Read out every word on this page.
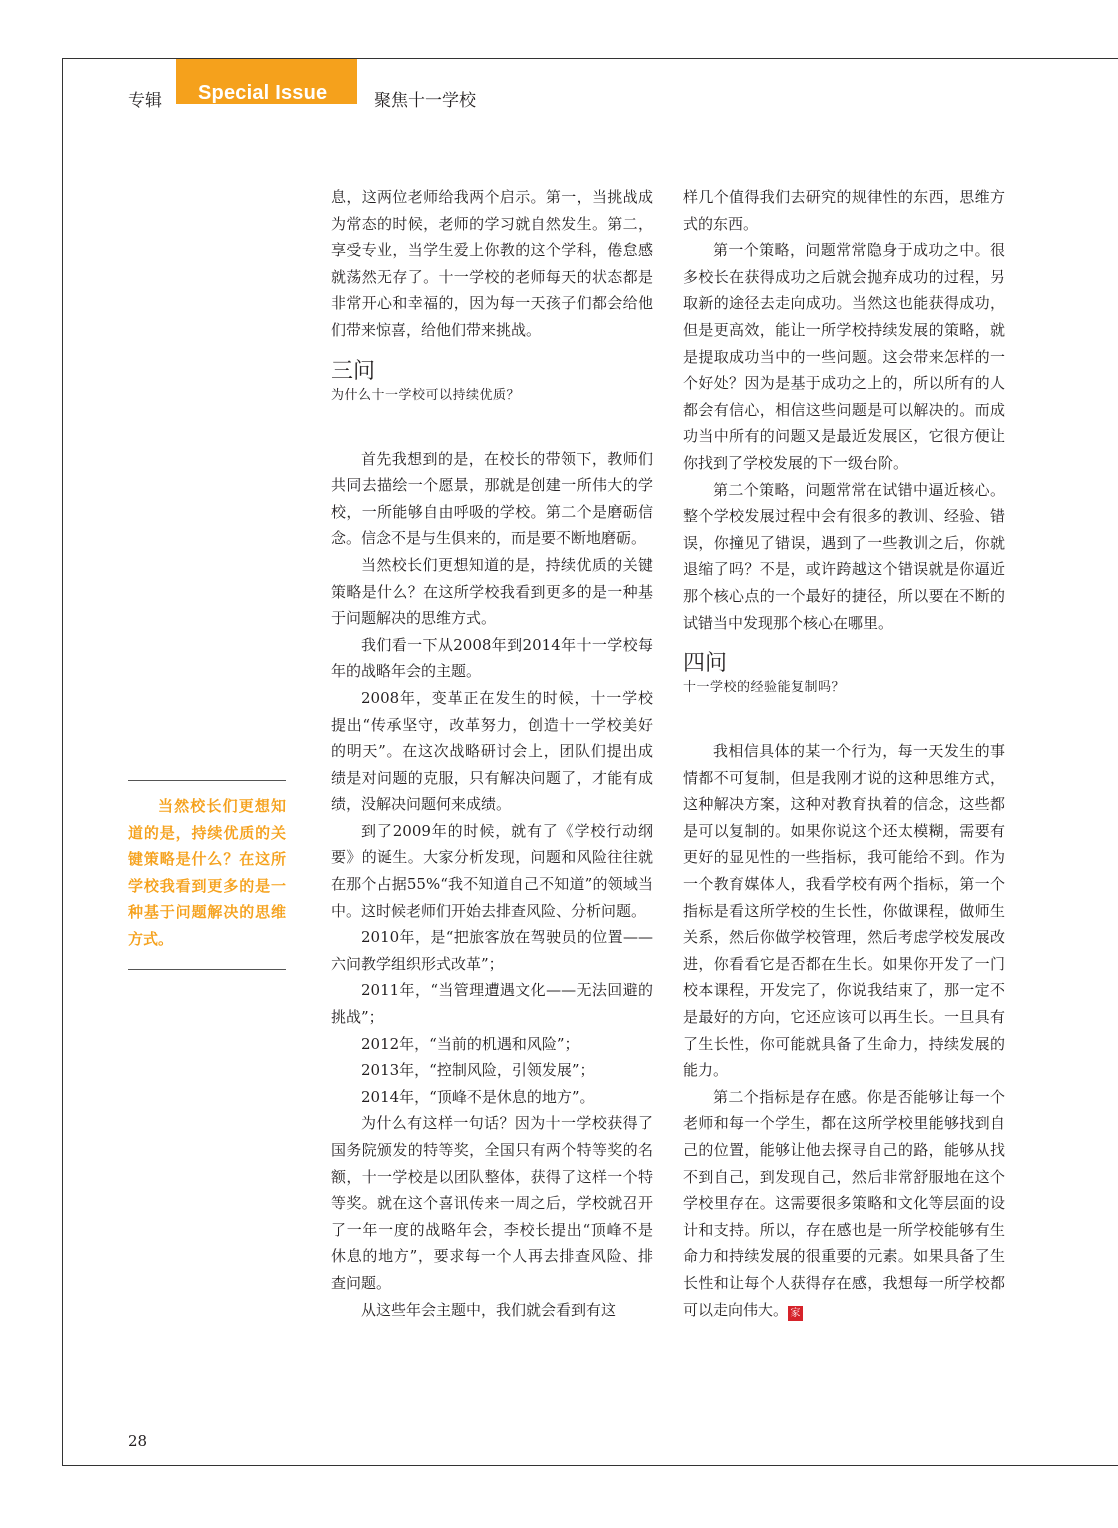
专辑	Special Issue	聚焦十一学校

息，这两位老师给我两个启示。第一，当挑战成为常态的时候，老师的学习就自然发生。第二，享受专业，当学生爱上你教的这个学科，倦怠感就荡然无存了。十一学校的老师每天的状态都是非常开心和幸福的，因为每一天孩子们都会给他们带来惊喜，给他们带来挑战。

三问
为什么十一学校可以持续优质？

首先我想到的是，在校长的带领下，教师们共同去描绘一个愿景，那就是创建一所伟大的学校，一所能够自由呼吸的学校。第二个是磨砺信念。信念不是与生俱来的，而是要不断地磨砺。

当然校长们更想知道的是，持续优质的关键策略是什么？在这所学校我看到更多的是一种基于问题解决的思维方式。

我们看一下从2008年到2014年十一学校每年的战略年会的主题。

2008年，变革正在发生的时候，十一学校提出“传承坚守，改革努力，创造十一学校美好的明天”。在这次战略研讨会上，团队们提出成绩是对问题的克服，只有解决问题了，才能有成绩，没解决问题何来成绩。

到了2009年的时候，就有了《学校行动纲要》的诞生。大家分析发现，问题和风险往往就在那个占据55%“我不知道自己不知道”的领域当中。这时候老师们开始去排查风险、分析问题。

2010年，是“把旅客放在驾驶员的位置——六问教学组织形式改革”；

2011年，“当管理遭遇文化——无法回避的挑战”；

2012年，“当前的机遇和风险”；

2013年，“控制风险，引领发展”；

2014年，“顶峰不是休息的地方”。

为什么有这样一句话？因为十一学校获得了国务院颁发的特等奖，全国只有两个特等奖的名额，十一学校是以团队整体，获得了这样一个特等奖。就在这个喜讯传来一周之后，学校就召开了一年一度的战略年会，李校长提出“顶峰不是休息的地方”，要求每一个人再去排查风险、排查问题。

从这些年会主题中，我们就会看到有这

样几个值得我们去研究的规律性的东西，思维方式的东西。

第一个策略，问题常常隐身于成功之中。很多校长在获得成功之后就会抛弃成功的过程，另取新的途径去走向成功。当然这也能获得成功，但是更高效，能让一所学校持续发展的策略，就是提取成功当中的一些问题。这会带来怎样的一个好处？因为是基于成功之上的，所以所有的人都会有信心，相信这些问题是可以解决的。而成功当中所有的问题又是最近发展区，它很方便让你找到了学校发展的下一级台阶。

第二个策略，问题常常在试错中逼近核心。整个学校发展过程中会有很多的教训、经验、错误，你撞见了错误，遇到了一些教训之后，你就退缩了吗？不是，或许跨越这个错误就是你逼近那个核心点的一个最好的捷径，所以要在不断的试错当中发现那个核心在哪里。

四问
十一学校的经验能复制吗？

我相信具体的某一个行为，每一天发生的事情都不可复制，但是我刚才说的这种思维方式，这种解决方案，这种对教育执着的信念，这些都是可以复制的。如果你说这个还太模糊，需要有更好的显见性的一些指标，我可能给不到。作为一个教育媒体人，我看学校有两个指标，第一个指标是看这所学校的生长性，你做课程，做师生关系，然后你做学校管理，然后考虑学校发展改进，你看看它是否都在生长。如果你开发了一门校本课程，开发完了，你说我结束了，那一定不是最好的方向，它还应该可以再生长。一旦具有了生长性，你可能就具备了生命力，持续发展的能力。

第二个指标是存在感。你是否能够让每一个老师和每一个学生，都在这所学校里能够找到自己的位置，能够让他去探寻自己的路，能够从找不到自己，到发现自己，然后非常舒服地在这个学校里存在。这需要很多策略和文化等层面的设计和支持。所以，存在感也是一所学校能够有生命力和持续发展的很重要的元素。如果具备了生长性和让每个人获得存在感，我想每一所学校都可以走向伟大。 家

当然校长们更想知道的是，持续优质的关键策略是什么？在这所学校我看到更多的是一种基于问题解决的思维方式。
28
